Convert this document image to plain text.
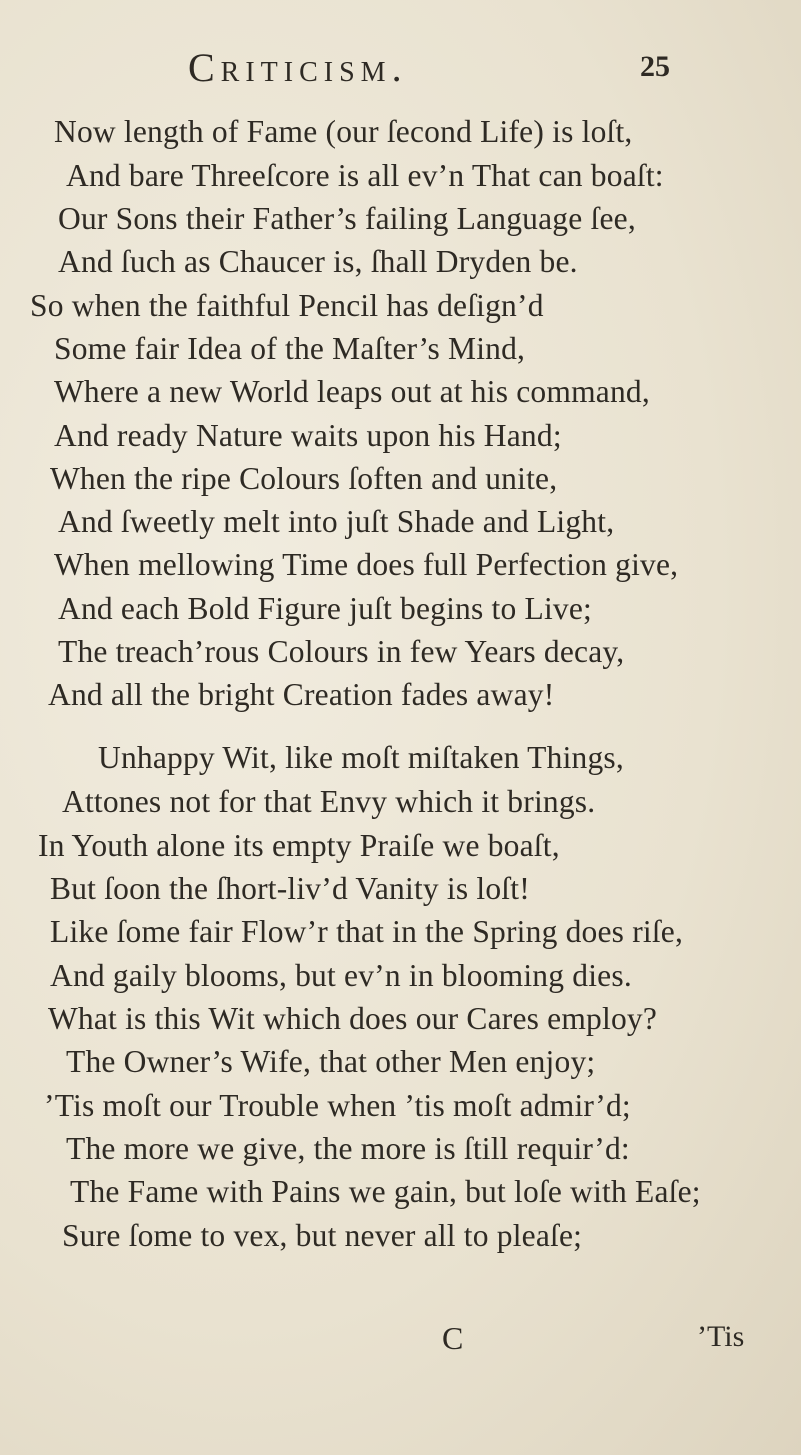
Criticism.	25
Now length of Fame (our ſecond Life) is loſt,
And bare Threeſcore is all ev’n That can boaſt:
Our Sons their Father’s failing Language ſee,
And ſuch as Chaucer is, ſhall Dryden be.
So when the faithful Pencil has deſign’d
Some fair Idea of the Maſter’s Mind,
Where a new World leaps out at his command,
And ready Nature waits upon his Hand;
When the ripe Colours ſoften and unite,
And ſweetly melt into juſt Shade and Light,
When mellowing Time does full Perfection give,
And each Bold Figure juſt begins to Live;
The treach’rous Colours in few Years decay,
And all the bright Creation fades away!
Unhappy Wit, like moſt miſtaken Things,
Attones not for that Envy which it brings.
In Youth alone its empty Praiſe we boaſt,
But ſoon the ſhort-liv’d Vanity is loſt!
Like ſome fair Flow’r that in the Spring does riſe,
And gaily blooms, but ev’n in blooming dies.
What is this Wit which does our Cares employ?
The Owner’s Wife, that other Men enjoy;
’Tis moſt our Trouble when ’tis moſt admir’d;
The more we give, the more is ſtill requir’d:
The Fame with Pains we gain, but loſe with Eaſe;
Sure ſome to vex, but never all to pleaſe;
C	’Tis
